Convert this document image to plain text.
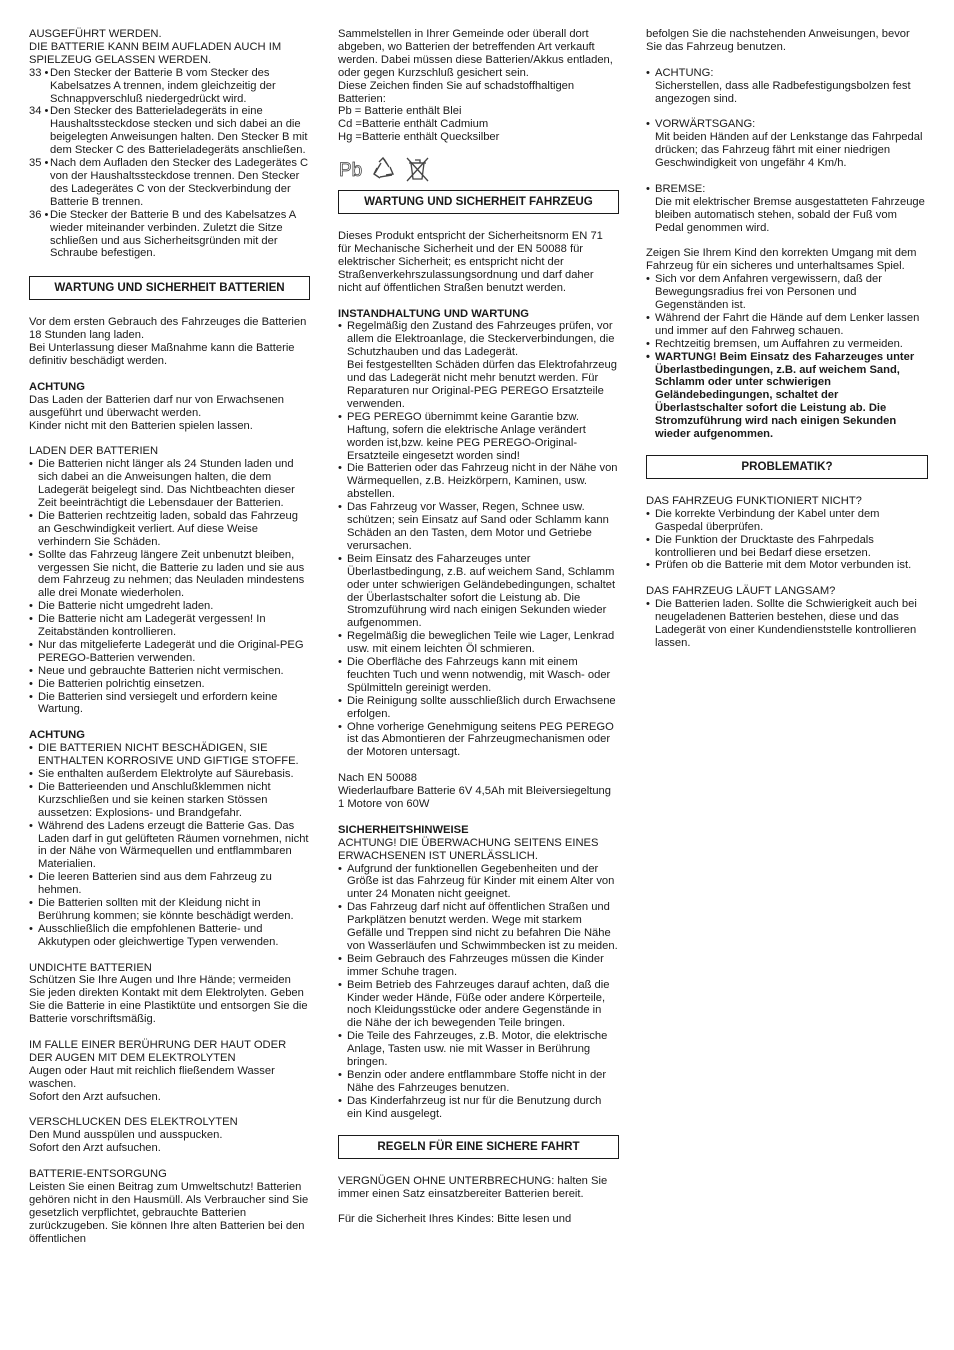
AUSGEFÜHRT WERDEN.

DIE BATTERIE KANN BEIM AUFLADEN AUCH IM SPIELZEUG GELASSEN WERDEN.

33 • Den Stecker der Batterie B vom Stecker des Kabelsatzes A trennen, indem gleichzeitig der Schnappverschluß niedergedrückt wird.
34 • Den Stecker des Batterieladegeräts in eine Haushaltssteckdose stecken und sich dabei an die beigelegten Anweisungen halten. Den Stecker B mit dem Stecker C des Batterieladegeräts anschließen.
35 • Nach dem Aufladen den Stecker des Ladegerätes C von der Haushaltssteckdose trennen. Den Stecker des Ladegerätes C von der Steckverbindung der Batterie B trennen.
36 • Die Stecker der Batterie B und des Kabelsatzes A wieder miteinander verbinden. Zuletzt die Sitze schließen und aus Sicherheitsgründen mit der Schraube befestigen.
WARTUNG UND SICHERHEIT BATTERIEN

Vor dem ersten Gebrauch des Fahrzeuges die Batterien 18 Stunden lang laden.

Bei Unterlassung dieser Maßnahme kann die Batterie definitiv beschädigt werden.

ACHTUNG

Das Laden der Batterien darf nur von Erwachsenen ausgeführt und überwacht werden.

Kinder nicht mit den Batterien spielen lassen.

LADEN DER BATTERIEN

• Die Batterien nicht länger als 24 Stunden laden und sich dabei an die Anweisungen halten, die dem Ladegerät beigelegt sind. Das Nichtbeachten dieser Zeit beeinträchtigt die Lebensdauer der Batterien.
• Die Batterien rechtzeitig laden, sobald das Fahrzeug an Geschwindigkeit verliert. Auf diese Weise verhindern Sie Schäden.
• Sollte das Fahrzeug längere Zeit unbenutzt bleiben, vergessen Sie nicht, die Batterie zu laden und sie aus dem Fahrzeug zu nehmen; das Neuladen mindestens alle drei Monate wiederholen.
• Die Batterie nicht umgedreht laden.
• Die Batterie nicht am Ladegerät vergessen! In Zeitabständen kontrollieren.
• Nur das mitgelieferte Ladegerät und die Original-PEG PEREGO-Batterien verwenden.
• Neue und gebrauchte Batterien nicht vermischen.
• Die Batterien polrichtig einsetzen.
• Die Batterien sind versiegelt und erfordern keine Wartung.

ACHTUNG

• DIE BATTERIEN NICHT BESCHÄDIGEN, SIE ENTHALTEN KORROSIVE UND GIFTIGE STOFFE.
• Sie enthalten außerdem Elektrolyte auf Säurebasis.
• Die Batterieenden und Anschlußklemmen nicht Kurzschließen und sie keinen starken Stössen aussetzen: Explosions- und Brandgefahr.
• Während des Ladens erzeugt die Batterie Gas. Das Laden darf in gut gelüfteten Räumen vornehmen, nicht in der Nähe von Wärmequellen und entflammbaren Materialien.
• Die leeren Batterien sind aus dem Fahrzeug zu hehmen.
• Die Batterien sollten mit der Kleidung nicht in Berührung kommen; sie könnte beschädigt werden.
• Ausschließlich die empfohlenen Batterie- und Akkutypen oder gleichwertige Typen verwenden.

UNDICHTE BATTERIEN

Schützen Sie Ihre Augen und Ihre Hände; vermeiden Sie jeden direkten Kontakt mit dem Elektrolyten. Geben Sie die Batterie in eine Plastiktüte und entsorgen Sie die Batterie vorschriftsmäßig.

IM FALLE EINER BERÜHRUNG DER HAUT ODER DER AUGEN MIT DEM ELEKTROLYTEN

Augen oder Haut mit reichlich fließendem Wasser waschen.

Sofort den Arzt aufsuchen.

VERSCHLUCKEN DES ELEKTROLYTEN

Den Mund ausspülen und ausspucken.

Sofort den Arzt aufsuchen.

BATTERIE-ENTSORGUNG

Leisten Sie einen Beitrag zum Umweltschutz! Batterien gehören nicht in den Hausmüll. Als Verbraucher sind Sie gesetzlich verpflichtet, gebrauchte Batterien zurückzugeben. Sie können Ihre alten Batterien bei den öffentlichen

Sammelstellen in Ihrer Gemeinde oder überall dort abgeben, wo Batterien der betreffenden Art verkauft werden. Dabei müssen diese Batterien/Akkus entladen, oder gegen Kurzschluß gesichert sein.

Diese Zeichen finden Sie auf schadstoffhaltigen Batterien:

Pb = Batterie enthält Blei

Cd =Batterie enthält Cadmium

Hg =Batterie enthält Quecksilber

Pb
WARTUNG UND SICHERHEIT FAHRZEUG

Dieses Produkt entspricht der Sicherheitsnorm EN 71 für Mechanische Sicherheit und der EN 50088 für elektrischer Sicherheit; es entspricht nicht der Straßenverkehrszulassungsordnung und darf daher nicht auf öffentlichen Straßen benutzt werden.

INSTANDHALTUNG UND WARTUNG

• Regelmäßig den Zustand des Fahrzeuges prüfen, vor allem die Elektroanlage, die Steckerverbindungen, die Schutzhauben und das Ladegerät.
Bei festgestellten Schäden dürfen das Elektrofahrzeug und das Ladegerät nicht mehr benutzt werden. Für Reparaturen nur Original-PEG PEREGO Ersatzteile verwenden.
• PEG PEREGO übernimmt keine Garantie bzw. Haftung, sofern die elektrische Anlage verändert worden ist,bzw. keine PEG PEREGO-Original-Ersatzteile eingesetzt worden sind!
• Die Batterien oder das Fahrzeug nicht in der Nähe von Wärmequellen, z.B. Heizkörpern, Kaminen, usw. abstellen.
• Das Fahrzeug vor Wasser, Regen, Schnee usw. schützen; sein Einsatz auf Sand oder Schlamm kann Schäden an den Tasten, dem Motor und Getriebe verursachen.
• Beim Einsatz des Faharzeuges unter Überlastbedingung, z.B. auf weichem Sand, Schlamm oder unter schwierigen Geländebedingungen, schaltet der Überlastschalter sofort die Leistung ab. Die Stromzuführung wird nach einigen Sekunden wieder aufgenommen.
• Regelmäßig die beweglichen Teile wie Lager, Lenkrad usw. mit einem leichten Öl schmieren.
• Die Oberfläche des Fahrzeugs kann mit einem feuchten Tuch und wenn notwendig, mit Wasch- oder Spülmitteln gereinigt werden.
• Die Reinigung sollte ausschließlich durch Erwachsene erfolgen.
• Ohne vorherige Genehmigung seitens PEG PEREGO ist das Abmontieren der Fahrzeugmechanismen oder der Motoren untersagt.

Nach EN 50088

Wiederlaufbare Batterie 6V 4,5Ah mit Bleiversiegeltung

1 Motore von 60W

SICHERHEITSHINWEISE

ACHTUNG! DIE ÜBERWACHUNG SEITENS EINES ERWACHSENEN IST UNERLÄSSLICH.

• Aufgrund der funktionellen Gegebenheiten und der Größe ist das Fahrzeug für Kinder mit einem Alter von unter 24 Monaten nicht geeignet.
• Das Fahrzeug darf nicht auf öffentlichen Straßen und Parkplätzen benutzt werden. Wege mit starkem Gefälle und Treppen sind nicht zu befahren Die Nähe von Wasserläufen und Schwimmbecken ist zu meiden.
• Beim Gebrauch des Fahrzeuges müssen die Kinder immer Schuhe tragen.
• Beim Betrieb des Fahrzeuges darauf achten, daß die Kinder weder Hände, Füße oder andere Körperteile, noch Kleidungsstücke oder andere Gegenstände in die Nähe der ich bewegenden Teile bringen.
• Die Teile des Fahrzeuges, z.B. Motor, die elektrische Anlage, Tasten usw. nie mit Wasser in Berührung bringen.
• Benzin oder andere entflammbare Stoffe nicht in der Nähe des Fahrzeuges benutzen.
• Das Kinderfahrzeug ist nur für die Benutzung durch ein Kind ausgelegt.
REGELN FÜR EINE SICHERE FAHRT

VERGNÜGEN OHNE UNTERBRECHUNG: halten Sie immer einen Satz einsatzbereiter Batterien bereit.

Für die Sicherheit Ihres Kindes: Bitte lesen und

befolgen Sie die nachstehenden Anweisungen, bevor Sie das Fahrzeug benutzen.

• ACHTUNG:
Sicherstellen, dass alle Radbefestigungsbolzen fest angezogen sind.
• VORWÄRTSGANG:
Mit beiden Händen auf der Lenkstange das Fahrpedal drücken; das Fahrzeug fährt mit einer niedrigen Geschwindigkeit von ungefähr 4 Km/h.
• BREMSE:
Die mit elektrischer Bremse ausgestatteten Fahrzeuge bleiben automatisch stehen, sobald der Fuß vom Pedal genommen wird.

Zeigen Sie Ihrem Kind den korrekten Umgang mit dem Fahrzeug für ein sicheres und unterhaltsames Spiel.

• Sich vor dem Anfahren vergewissern, daß der Bewegungsradius frei von Personen und Gegenständen ist.
• Während der Fahrt die Hände auf dem Lenker lassen und immer auf den Fahrweg schauen.
• Rechtzeitig bremsen, um Auffahren zu vermeiden.
• WARTUNG! Beim Einsatz des Faharzeuges unter Überlastbedingungen, z.B. auf weichem Sand, Schlamm oder unter schwierigen Geländebedingungen, schaltet der Überlastschalter sofort die Leistung ab. Die Stromzuführung wird nach einigen Sekunden wieder aufgenommen.
PROBLEMATIK?

DAS FAHRZEUG FUNKTIONIERT NICHT?

• Die korrekte Verbindung der Kabel unter dem Gaspedal überprüfen.
• Die Funktion der Drucktaste des Fahrpedals kontrollieren und bei Bedarf diese ersetzen.
• Prüfen ob die Batterie mit dem Motor verbunden ist.

DAS FAHRZEUG LÄUFT LANGSAM?

• Die Batterien laden. Sollte die Schwierigkeit auch bei neugeladenen Batterien bestehen, diese und das Ladegerät von einer Kundendienststelle kontrollieren lassen.
